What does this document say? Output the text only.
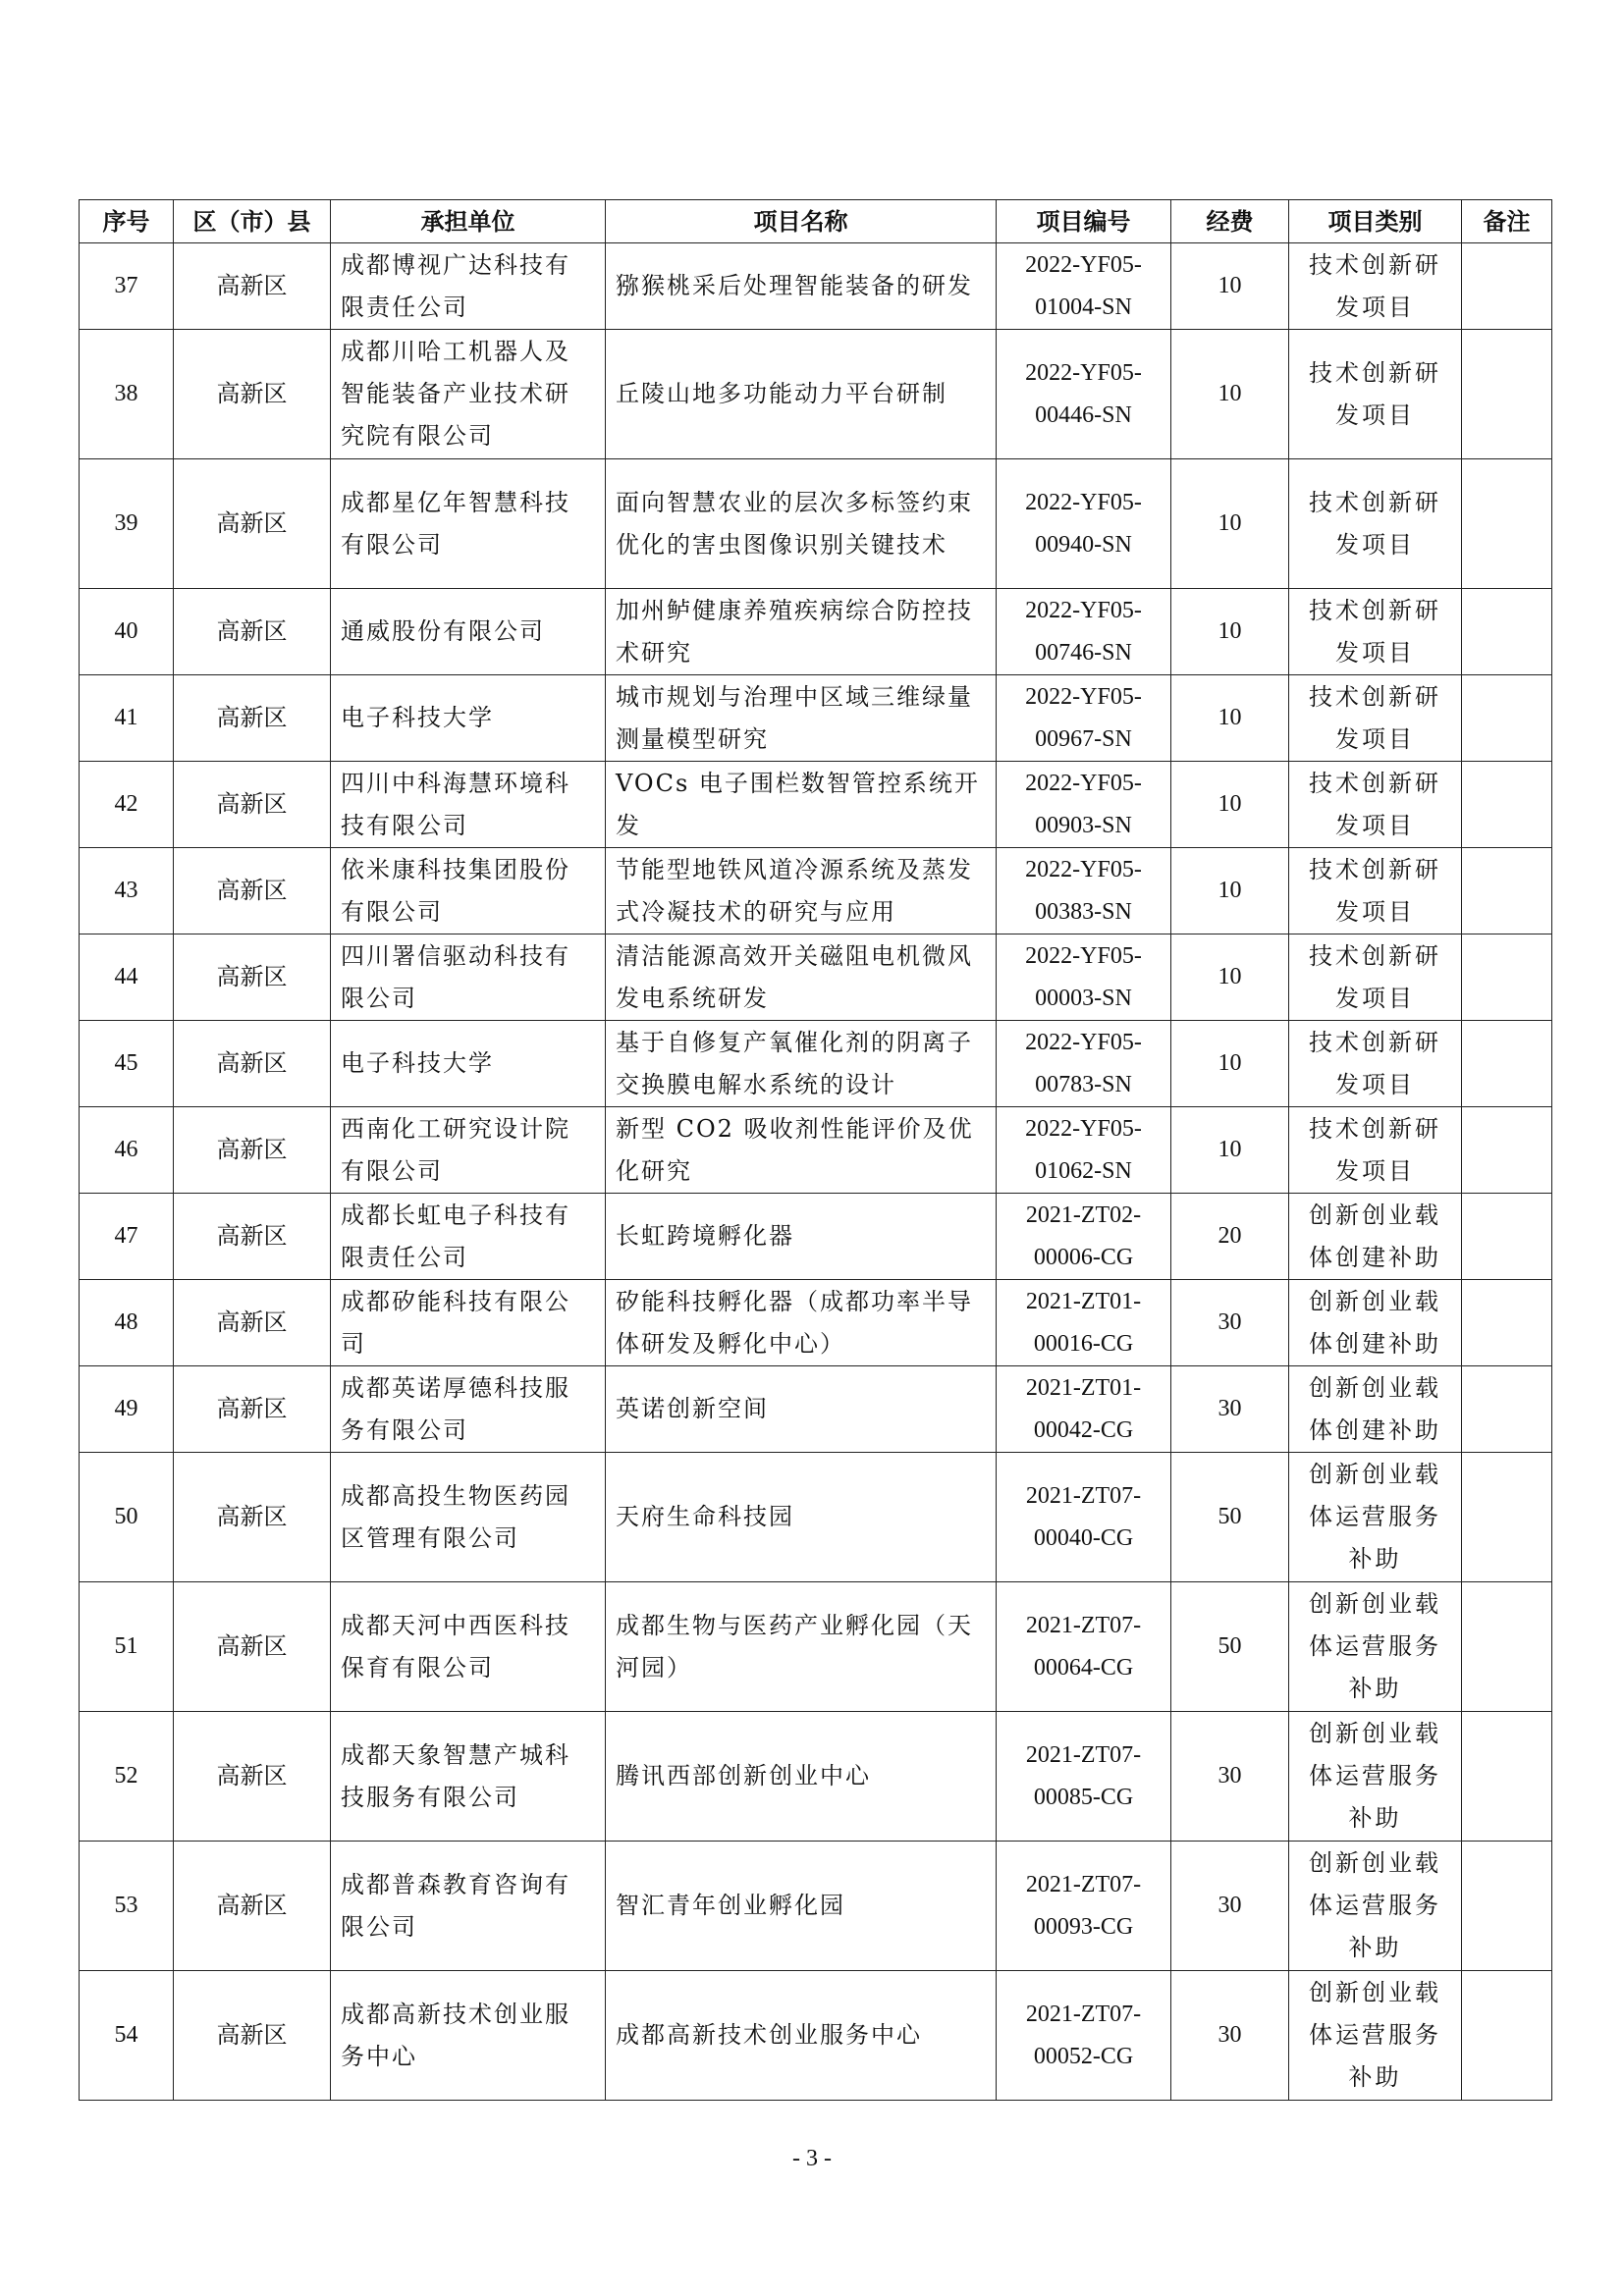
序号	区（市）县	承担单位	项目名称	项目编号	经费	项目类别	备注
37	高新区	成都博视广达科技有限责任公司	猕猴桃采后处理智能装备的研发	2022-YF05-01004-SN	10	技术创新研发项目	
38	高新区	成都川哈工机器人及智能装备产业技术研究院有限公司	丘陵山地多功能动力平台研制	2022-YF05-00446-SN	10	技术创新研发项目	
39	高新区	成都星亿年智慧科技有限公司	面向智慧农业的层次多标签约束优化的害虫图像识别关键技术	2022-YF05-00940-SN	10	技术创新研发项目	
40	高新区	通威股份有限公司	加州鲈健康养殖疾病综合防控技术研究	2022-YF05-00746-SN	10	技术创新研发项目	
41	高新区	电子科技大学	城市规划与治理中区域三维绿量测量模型研究	2022-YF05-00967-SN	10	技术创新研发项目	
42	高新区	四川中科海慧环境科技有限公司	VOCs 电子围栏数智管控系统开发	2022-YF05-00903-SN	10	技术创新研发项目	
43	高新区	依米康科技集团股份有限公司	节能型地铁风道冷源系统及蒸发式冷凝技术的研究与应用	2022-YF05-00383-SN	10	技术创新研发项目	
44	高新区	四川署信驱动科技有限公司	清洁能源高效开关磁阻电机微风发电系统研发	2022-YF05-00003-SN	10	技术创新研发项目	
45	高新区	电子科技大学	基于自修复产氧催化剂的阴离子交换膜电解水系统的设计	2022-YF05-00783-SN	10	技术创新研发项目	
46	高新区	西南化工研究设计院有限公司	新型 CO2 吸收剂性能评价及优化研究	2022-YF05-01062-SN	10	技术创新研发项目	
47	高新区	成都长虹电子科技有限责任公司	长虹跨境孵化器	2021-ZT02-00006-CG	20	创新创业载体创建补助	
48	高新区	成都矽能科技有限公司	矽能科技孵化器（成都功率半导体研发及孵化中心）	2021-ZT01-00016-CG	30	创新创业载体创建补助	
49	高新区	成都英诺厚德科技服务有限公司	英诺创新空间	2021-ZT01-00042-CG	30	创新创业载体创建补助	
50	高新区	成都高投生物医药园区管理有限公司	天府生命科技园	2021-ZT07-00040-CG	50	创新创业载体运营服务补助	
51	高新区	成都天河中西医科技保育有限公司	成都生物与医药产业孵化园（天河园）	2021-ZT07-00064-CG	50	创新创业载体运营服务补助	
52	高新区	成都天象智慧产城科技服务有限公司	腾讯西部创新创业中心	2021-ZT07-00085-CG	30	创新创业载体运营服务补助	
53	高新区	成都普森教育咨询有限公司	智汇青年创业孵化园	2021-ZT07-00093-CG	30	创新创业载体运营服务补助	
54	高新区	成都高新技术创业服务中心	成都高新技术创业服务中心	2021-ZT07-00052-CG	30	创新创业载体运营服务补助	
- 3 -
